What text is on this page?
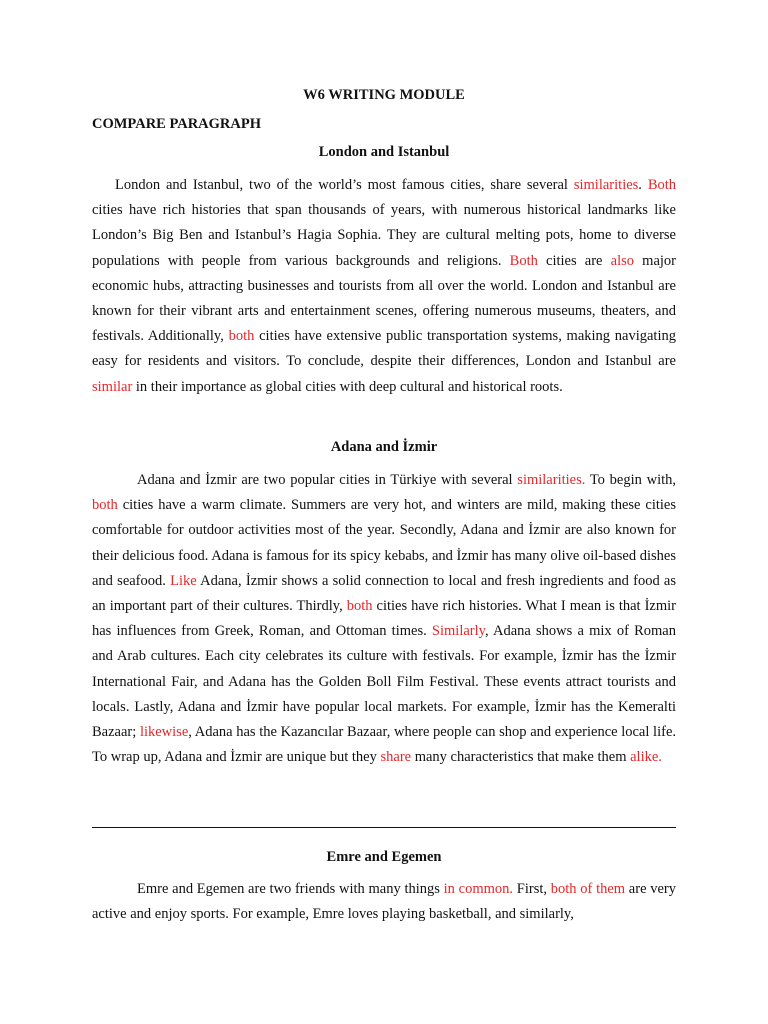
W6 WRITING MODULE
COMPARE PARAGRAPH
London and Istanbul

London and Istanbul, two of the world’s most famous cities, share several similarities. Both cities have rich histories that span thousands of years, with numerous historical landmarks like London’s Big Ben and Istanbul’s Hagia Sophia. They are cultural melting pots, home to diverse populations with people from various backgrounds and religions. Both cities are also major economic hubs, attracting businesses and tourists from all over the world. London and Istanbul are known for their vibrant arts and entertainment scenes, offering numerous museums, theaters, and festivals. Additionally, both cities have extensive public transportation systems, making navigating easy for residents and visitors. To conclude, despite their differences, London and Istanbul are similar in their importance as global cities with deep cultural and historical roots.

Adana and İzmir

Adana and İzmir are two popular cities in Türkiye with several similarities. To begin with, both cities have a warm climate. Summers are very hot, and winters are mild, making these cities comfortable for outdoor activities most of the year. Secondly, Adana and İzmir are also known for their delicious food. Adana is famous for its spicy kebabs, and İzmir has many olive oil-based dishes and seafood. Like Adana, İzmir shows a solid connection to local and fresh ingredients and food as an important part of their cultures. Thirdly, both cities have rich histories. What I mean is that İzmir has influences from Greek, Roman, and Ottoman times. Similarly, Adana shows a mix of Roman and Arab cultures. Each city celebrates its culture with festivals. For example, İzmir has the İzmir International Fair, and Adana has the Golden Boll Film Festival. These events attract tourists and locals. Lastly, Adana and İzmir have popular local markets. For example, İzmir has the Kemeralti Bazaar; likewise, Adana has the Kazancılar Bazaar, where people can shop and experience local life. To wrap up, Adana and İzmir are unique but they share many characteristics that make them alike.

Emre and Egemen

Emre and Egemen are two friends with many things in common. First, both of them are very active and enjoy sports. For example, Emre loves playing basketball, and similarly,
